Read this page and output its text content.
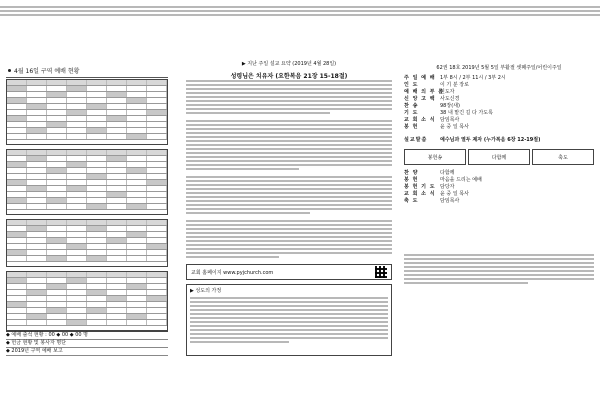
4월 16일 구역 예배 현황
◆ 예배 출석 현황 : 00 ◆ 00 ◆ 00 명
◆ 헌금 현황 및 봉사자 명단
◆ 2019년 구역 예배 보고
▶ 지난 주일 설교 요약 (2019년 4월 28일)
성령님은 치유자 (요한복음 21장 15-18절)
교회 홈페이지 www.pyjchurch.com
▶ 성도의 가정
62권 18호 2019년 5월 5일 부활절 셋째주일/어린이주일
주 일 예 배 1부 8시 / 2부 11시 / 3부 2시
인 도	이 기 분 장로
예 배 의 부 름
인도자
신 앙 고 백 사도신경
찬 송	98장(새)
기 도	38 내 맡긴 길 다 가도록
교 회 소 식 담임목사
봉 헌	윤 중 일 목사
설교말씀	예수님과 열두 제자 (누가복음 6장 12-19절)
봉헌송	다함께	축도
찬 양	다함께
봉 헌	마음을 드리는 예배
봉 헌 기 도 담당자
교 회 소 식 윤 중 일 목사
축 도	담임목사
